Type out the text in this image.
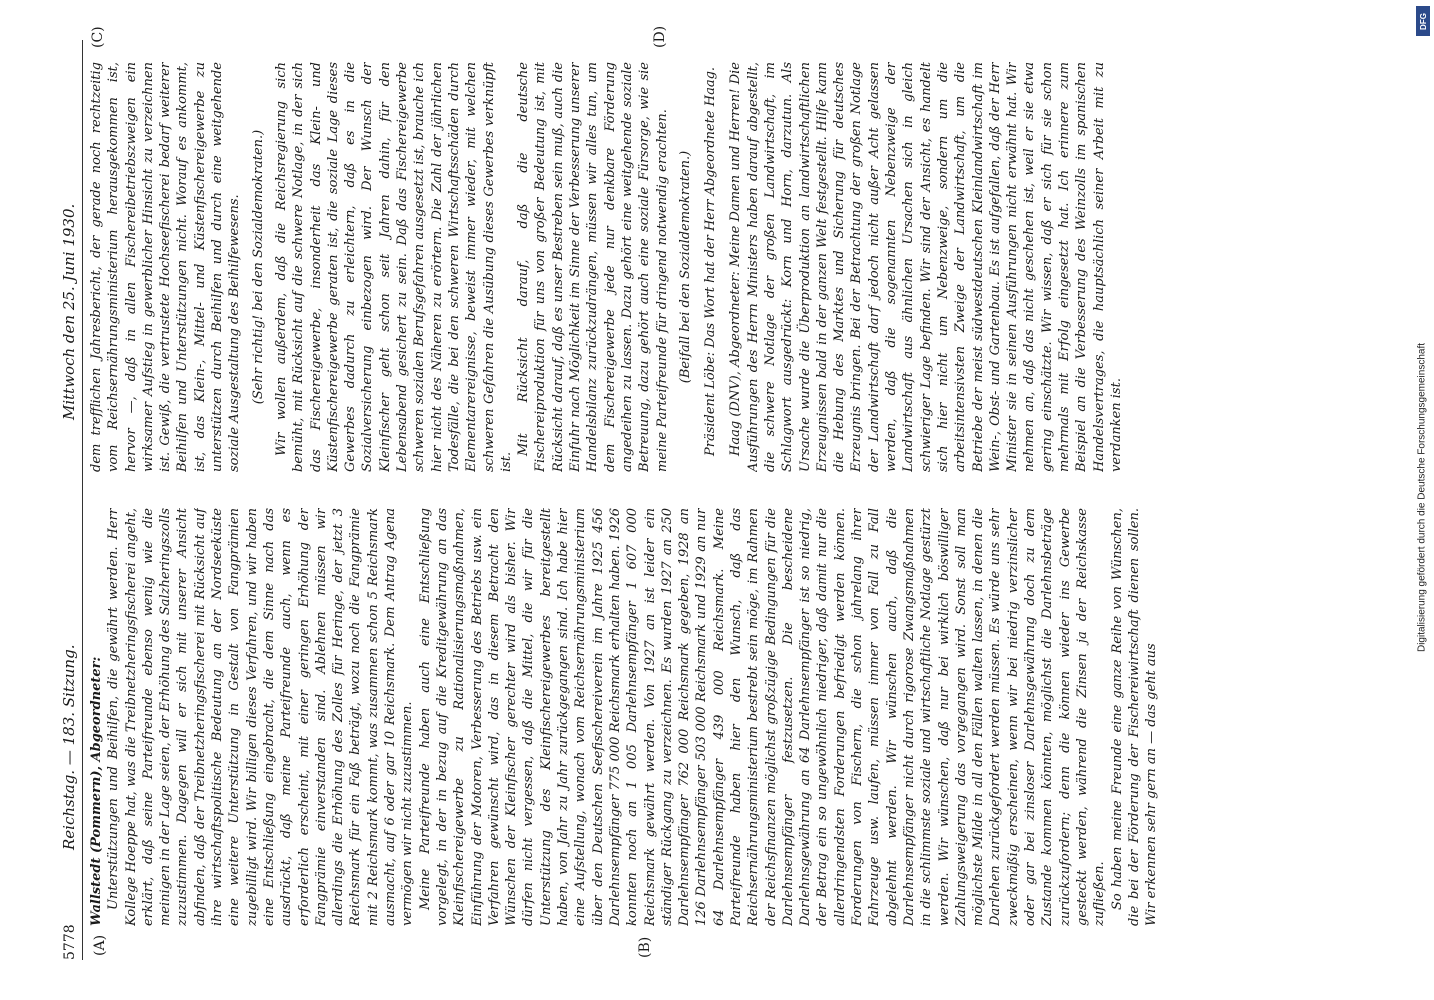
5778
Reichstag. — 183. Sitzung.
Mittwoch den 25. Juni 1930.
(A)	(B)
(C)	(D)

Wallstedt (Pommern), Abgeordneter: Unterstützungen und Beihilfen, die gewährt werden. Herr Kollege Hoeppe hat, was die Treibnetzheringsfischerei angeht, erklärt, daß seine Parteifreunde ebenso wenig wie die meinigen in der Lage seien, der Erhöhung des Salzheringszolls zuzustimmen. Dagegen will er sich mit unserer Ansicht abfinden, daß der Treibnetzheringsfischerei mit Rücksicht auf ihre wirtschaftspolitische Bedeutung an der Nordseeküste eine weitere Unterstützung in Gestalt von Fangprämien zugebilligt wird. Wir billigen dieses Verfahren, und wir haben eine Entschließung eingebracht, die dem Sinne nach das ausdrückt, daß meine Parteifreunde auch, wenn es erforderlich erscheint, mit einer geringen Erhöhung der Fangprämie einverstanden sind. Ablehnen müssen wir allerdings die Erhöhung des Zolles für Heringe, der jetzt 3 Reichsmark für ein Faß beträgt, wozu noch die Fangprämie mit 2 Reichsmark kommt, was zusammen schon 5 Reichsmark ausmacht, auf 6 oder gar 10 Reichsmark. Dem Antrag Agena vermögen wir nicht zuzustimmen. Meine Parteifreunde haben auch eine Entschließung vorgelegt, in der in bezug auf die Kreditgewährung an das Kleinfischereigewerbe zu Rationalisierungsmaßnahmen, Einführung der Motoren, Verbesserung des Betriebs usw. ein Verfahren gewünscht wird, das in diesem Betracht den Wünschen der Kleinfischer gerechter wird als bisher. Wir dürfen nicht vergessen, daß die Mittel, die wir für die Unterstützung des Kleinfischereigewerbes bereitgestellt haben, von Jahr zu Jahr zurückgegangen sind. Ich habe hier eine Aufstellung, wonach vom Reichsernährungsministerium über den Deutschen Seefischereiverein im Jahre 1925 456 Darlehnsempfänger 775 000 Reichsmark erhalten haben. 1926 konnten noch an 1 005 Darlehnsempfänger 1 607 000 Reichsmark gewährt werden. Von 1927 an ist leider ein ständiger Rückgang zu verzeichnen. Es wurden 1927 an 250 Darlehnsempfänger 762 000 Reichsmark gegeben, 1928 an 126 Darlehnsempfänger 503 000 Reichsmark und 1929 an nur 64 Darlehnsempfänger 439 000 Reichsmark. Meine Parteifreunde haben hier den Wunsch, daß das Reichsernährungsministerium bestrebt sein möge, im Rahmen der Reichsfinanzen möglichst großzügige Bedingungen für die Darlehnsempfänger festzusetzen. Die bescheidene Darlehnsgewährung an 64 Darlehnsempfänger ist so niedrig, der Betrag ein so ungewöhnlich niedriger, daß damit nur die allerdringendsten Forderungen befriedigt werden können. Forderungen von Fischern, die schon jahrelang ihrer Fahrzeuge usw. laufen, müssen immer von Fall zu Fall abgelehnt werden. Wir wünschen auch, daß die Darlehnsempfänger nicht durch rigorose Zwangsmaßnahmen in die schlimmste soziale und wirtschaftliche Notlage gestürzt werden. Wir wünschen, daß nur bei wirklich böswilliger Zahlungsweigerung das vorgegangen wird. Sonst soll man möglichste Milde in all den Fällen walten lassen, in denen die Darlehen zurückgefordert werden müssen. Es würde uns sehr zweckmäßig erscheinen, wenn wir bei niedrig verzinslicher oder gar bei zinsloser Darlehnsgewährung doch zu dem Zustande kommen könnten, möglichst die Darlehnsbeträge zurückzufordern; denn die können wieder ins Gewerbe gesteckt werden, während die Zinsen ja der Reichskasse zufließen. So haben meine Freunde eine ganze Reihe von Wünschen, die bei der Förderung der Fischereiwirtschaft dienen sollen. Wir erkennen sehr gern an — das geht aus

dem trefflichen Jahresbericht, der gerade noch rechtzeitig vom Reichsernährungsministerium herausgekommen ist, hervor —, daß in allen Fischereibetriebszweigen ein wirksamer Aufstieg in gewerblicher Hinsicht zu verzeichnen ist. Gewiß, die vertrustete Hochseefischerei bedarf weiterer Beihilfen und Unterstützungen nicht. Worauf es ankommt, ist, das Klein-, Mittel- und Küstenfischereigewerbe zu unterstützen durch Beihilfen und durch eine weitgehende soziale Ausgestaltung des Beihilfewesens. (Sehr richtig! bei den Sozialdemokraten.) Wir wollen außerdem, daß die Reichsregierung sich bemüht, mit Rücksicht auf die schwere Notlage, in der sich das Fischereigewerbe, insonderheit das Klein- und Küstenfischereigewerbe geraten ist, die soziale Lage dieses Gewerbes dadurch zu erleichtern, daß es in die Sozialversicherung einbezogen wird. Der Wunsch der Kleinfischer geht schon seit Jahren dahin, für den Lebensabend gesichert zu sein. Daß das Fischereigewerbe schweren sozialen Berufsgefahren ausgesetzt ist, brauche ich hier nicht des Näheren zu erörtern. Die Zahl der jährlichen Todesfälle, die bei den schweren Wirtschaftsschäden durch Elementarereignisse, beweist immer wieder, mit welchen schweren Gefahren die Ausübung dieses Gewerbes verknüpft ist.

Mit Rücksicht darauf, daß die deutsche Fischereiproduktion für uns von großer Bedeutung ist, mit Rücksicht darauf, daß es unser Bestreben sein muß, auch die Einfuhr nach Möglichkeit im Sinne der Verbesserung unserer Handelsbilanz zurückzudrängen, müssen wir alles tun, um dem Fischereigewerbe jede nur denkbare Förderung angedeihen zu lassen. Dazu gehört eine weitgehende soziale Betreuung, dazu gehört auch eine soziale Fürsorge, wie sie meine Parteifreunde für dringend notwendig erachten. (Beifall bei den Sozialdemokraten.) Präsident Löbe: Das Wort hat der Herr Abgeordnete Haag. Haag (DNV), Abgeordneter: Meine Damen und Herren! Die Ausführungen des Herrn Ministers haben darauf abgestellt, die schwere Notlage der großen Landwirtschaft, im Schlagwort ausgedrückt: Korn und Horn, darzutun. Als Ursache wurde die Überproduktion an landwirtschaftlichen Erzeugnissen bald in der ganzen Welt festgestellt. Hilfe kann die Hebung des Marktes und Sicherung für deutsches Erzeugnis bringen. Bei der Betrachtung der großen Notlage der Landwirtschaft darf jedoch nicht außer Acht gelassen werden, daß die sogenannten Nebenzweige der Landwirtschaft aus ähnlichen Ursachen sich in gleich schwieriger Lage befinden. Wir sind der Ansicht, es handelt sich hier nicht um Nebenzweige, sondern um die arbeitsintensivsten Zweige der Landwirtschaft, um die Betriebe der meist südwestdeutschen Kleinlandwirtschaft im Wein-, Obst- und Gartenbau. Es ist aufgefallen, daß der Herr Minister sie in seinen Ausführungen nicht erwähnt hat. Wir nehmen an, daß das nicht geschehen ist, weil er sie etwa gering einschätzte. Wir wissen, daß er sich für sie schon mehrmals mit Erfolg eingesetzt hat. Ich erinnere zum Beispiel an die Verbesserung des Weinzolls im spanischen Handelsvertrages, die hauptsächlich seiner Arbeit mit zu verdanken ist.	Digitalisierung gefördert durch die Deutsche Forschungsgemeinschaft
DFG
